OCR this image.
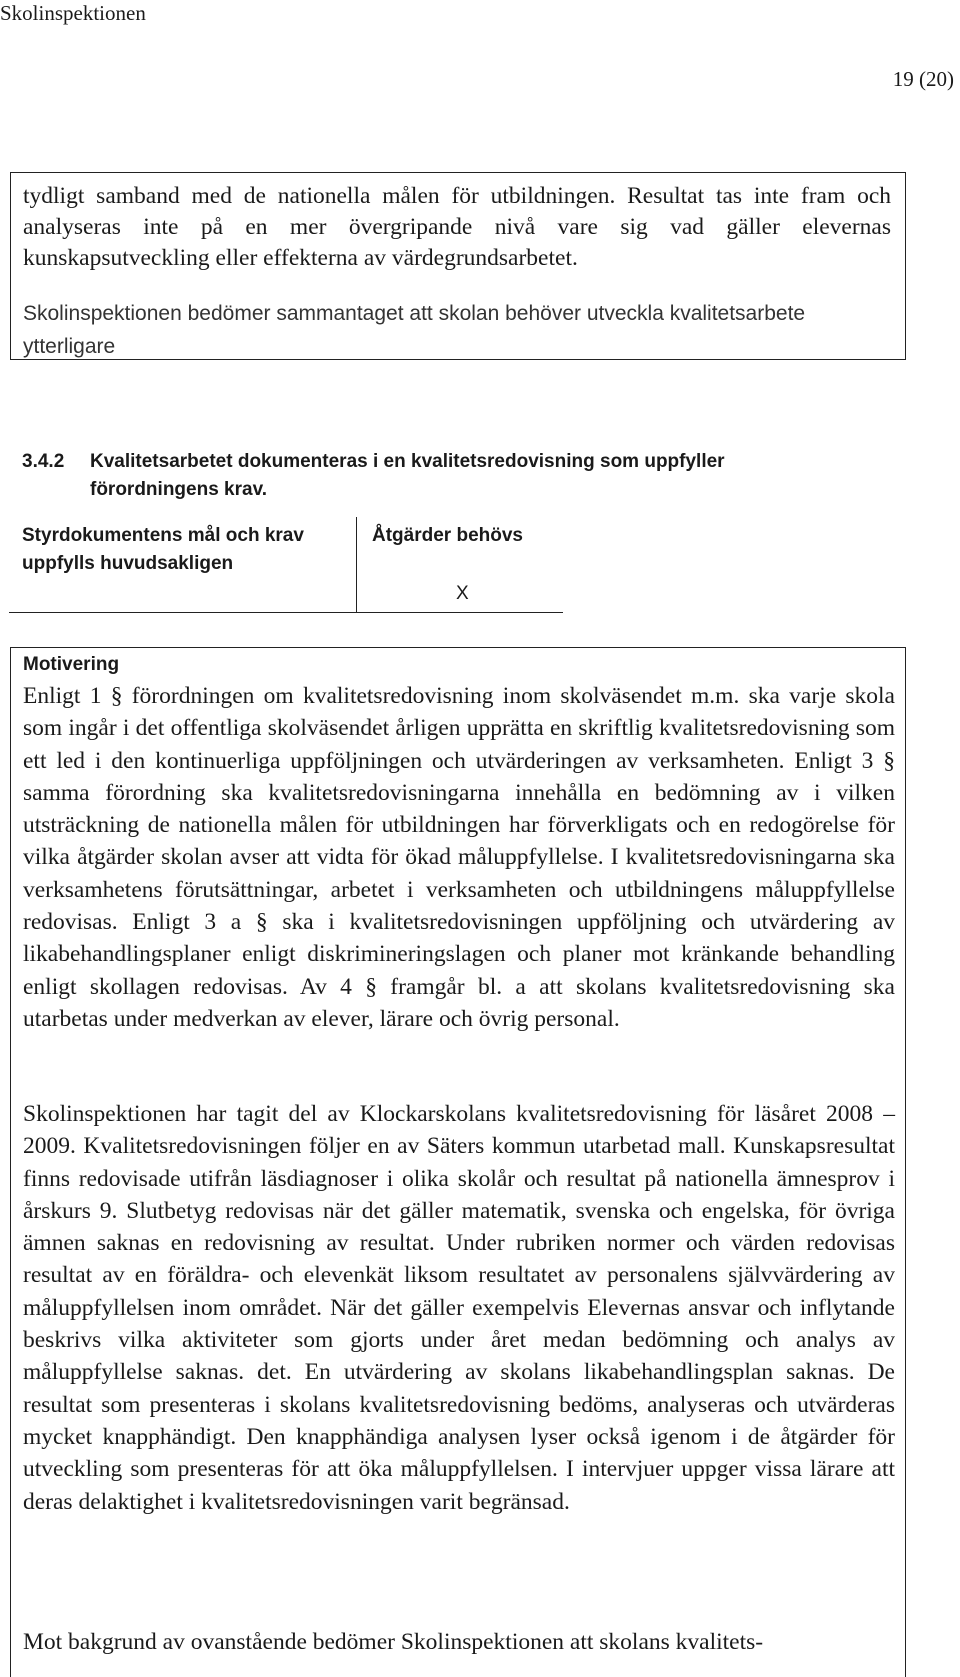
Skolinspektionen
19 (20)

tydligt samband med de nationella målen för utbildningen. Resultat tas inte fram och analyseras inte på en mer övergripande nivå vare sig vad gäller elevernas kunskapsutveckling eller effekterna av värdegrundsarbetet.

Skolinspektionen bedömer sammantaget att skolan behöver utveckla kvalitetsarbete ytterligare

3.4.2 Kvalitetsarbetet dokumenteras i en kvalitetsredovisning som uppfyller
förordningens krav.
Styrdokumentens mål och krav uppfylls huvudsakligen
Åtgärder behövs
X
Motivering

Enligt 1 § förordningen om kvalitetsredovisning inom skolväsendet m.m. ska varje skola som ingår i det offentliga skolväsendet årligen upprätta en skriftlig kvalitetsredovisning som ett led i den kontinuerliga uppföljningen och utvärderingen av verksamheten. Enligt 3 § samma förordning ska kvalitetsredovisningarna innehålla en bedömning av i vilken utsträckning de nationella målen för utbildningen har förverkligats och en redogörelse för vilka åtgärder skolan avser att vidta för ökad måluppfyllelse. I kvalitetsredovisningarna ska verksamhetens förutsättningar, arbetet i verksamheten och utbildningens måluppfyllelse redovisas. Enligt 3 a § ska i kvalitetsredovisningen uppföljning och utvärdering av likabehandlingsplaner enligt diskrimineringslagen och planer mot kränkande behandling enligt skollagen redovisas. Av 4 § framgår bl. a att skolans kvalitetsredovisning ska utarbetas under medverkan av elever, lärare och övrig personal.

Skolinspektionen har tagit del av Klockarskolans kvalitetsredovisning för läsåret 2008 – 2009. Kvalitetsredovisningen följer en av Säters kommun utarbetad mall. Kunskapsresultat finns redovisade utifrån läsdiagnoser i olika skolår och resultat på nationella ämnesprov i årskurs 9. Slutbetyg redovisas när det gäller matematik, svenska och engelska, för övriga ämnen saknas en redovisning av resultat. Under rubriken normer och värden redovisas resultat av en föräldra- och elevenkät liksom resultatet av personalens självvärdering av måluppfyllelsen inom området. När det gäller exempelvis Elevernas ansvar och inflytande beskrivs vilka aktiviteter som gjorts under året medan bedömning och analys av måluppfyllelse saknas. det. En utvärdering av skolans likabehandlingsplan saknas. De resultat som presenteras i skolans kvalitetsredovisning bedöms, analyseras och utvärderas mycket knapphändigt. Den knapphändiga analysen lyser också igenom i de åtgärder för utveckling som presenteras för att öka måluppfyllelsen. I intervjuer uppger vissa lärare att deras delaktighet i kvalitetsredovisningen varit begränsad.

Mot bakgrund av ovanstående bedömer Skolinspektionen att skolans kvalitets-
